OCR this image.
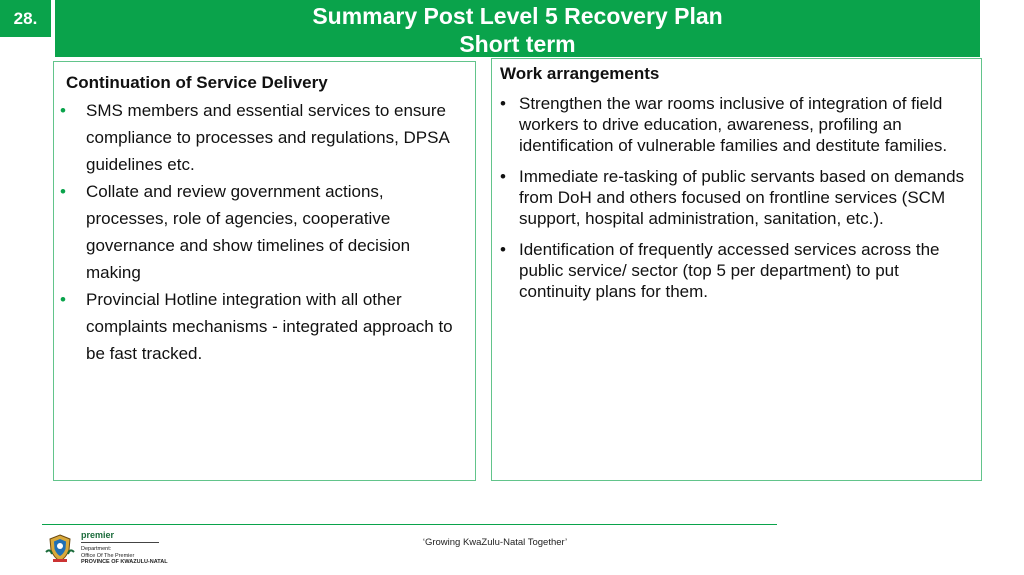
28.	Summary Post Level 5 Recovery Plan
Short term
Continuation of Service Delivery
•	SMS members and essential services to ensure compliance to processes and regulations, DPSA guidelines etc.
•	Collate and review government actions, processes, role of agencies, cooperative governance and show timelines of decision making
•	Provincial Hotline integration with all other complaints mechanisms - integrated approach to be fast tracked.
Work arrangements
• Strengthen the war rooms inclusive of integration of field workers to drive education, awareness, profiling an identification of vulnerable families and destitute families.
• Immediate re-tasking of public servants based on demands from DoH and others focused on frontline services (SCM support, hospital administration, sanitation, etc.).
• Identification of frequently accessed services across the public service/ sector (top 5 per department) to put continuity plans for them.
premier
Department:
Office Of The Premier
PROVINCE OF KWAZULU-NATAL
‘Growing KwaZulu-Natal Together’
